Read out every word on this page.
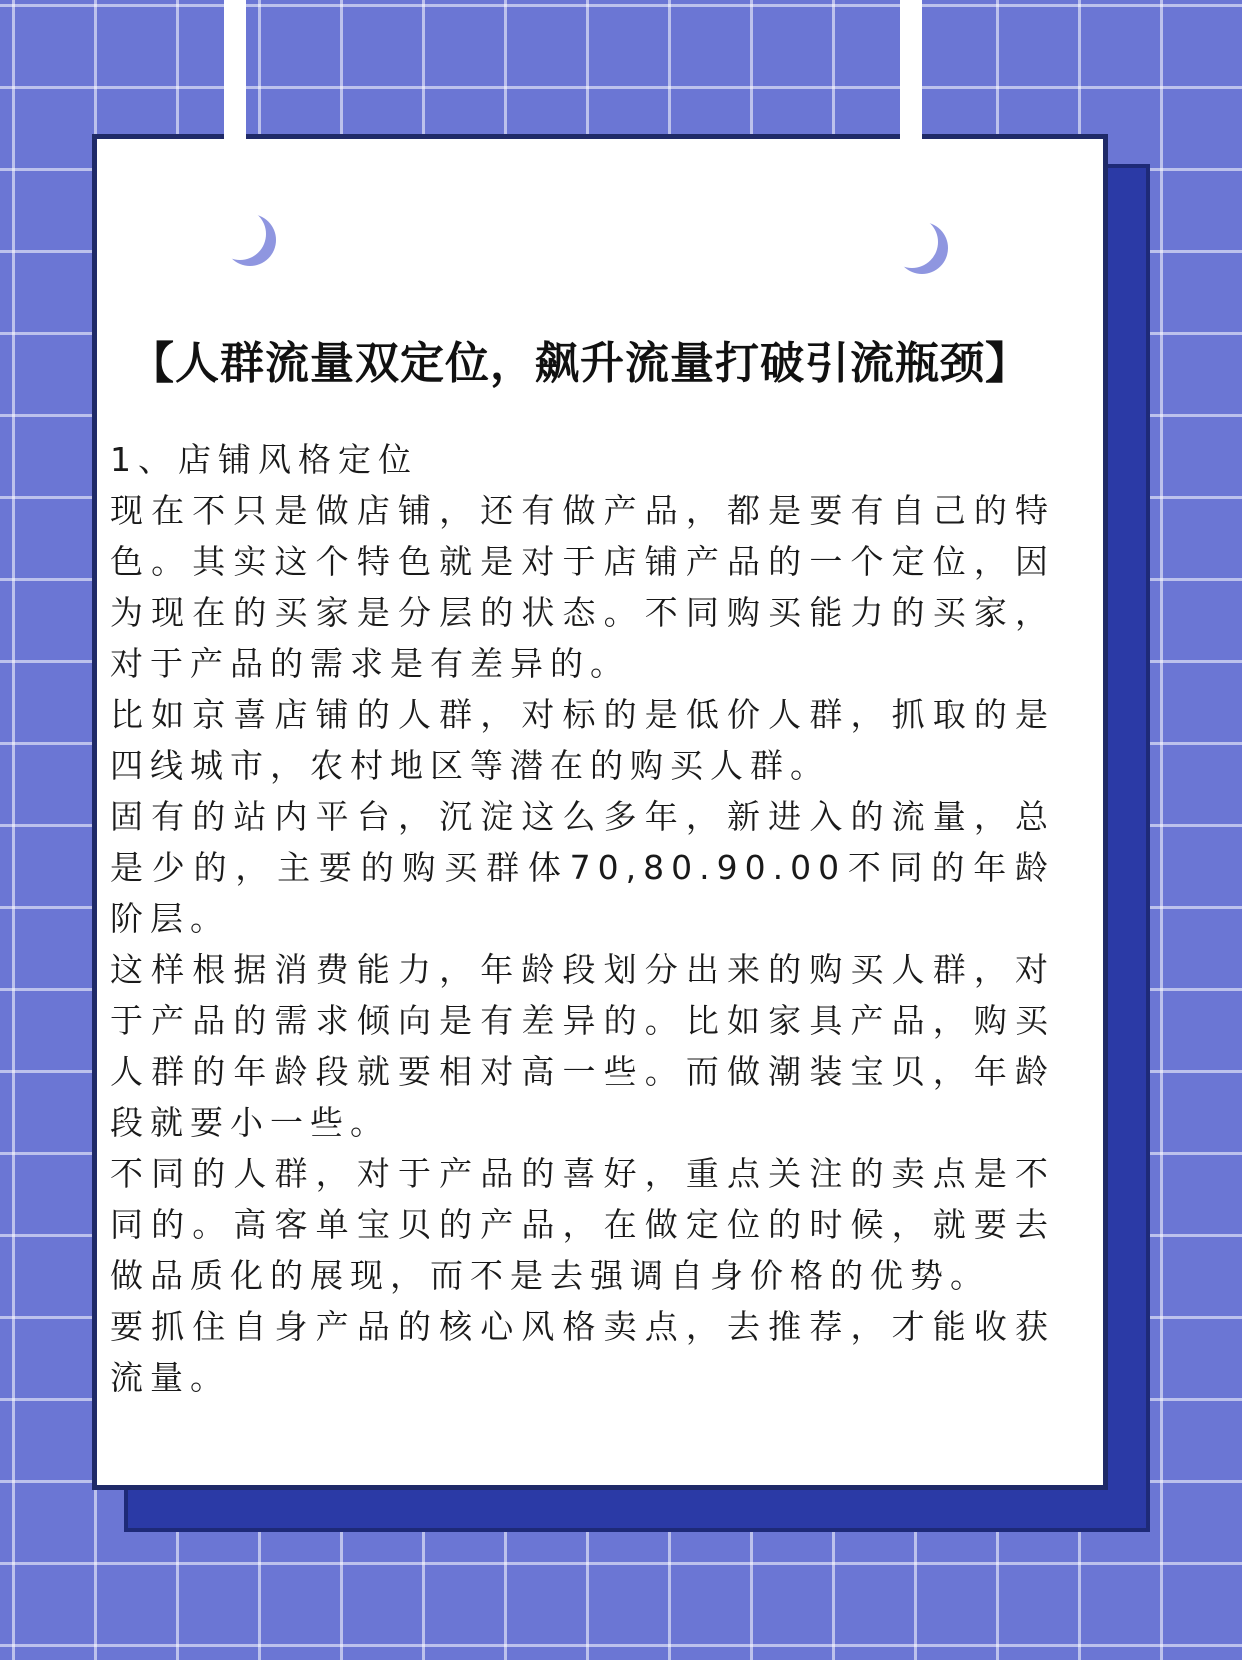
【人群流量双定位，飙升流量打破引流瓶颈】

1、店铺风格定位

现在不只是做店铺，还有做产品，都是要有自己的特色。其实这个特色就是对于店铺产品的一个定位，因为现在的买家是分层的状态。不同购买能力的买家，对于产品的需求是有差异的。

比如京喜店铺的人群，对标的是低价人群，抓取的是四线城市，农村地区等潜在的购买人群。

固有的站内平台，沉淀这么多年，新进入的流量，总是少的，主要的购买群体70,80.90.00不同的年龄阶层。

这样根据消费能力，年龄段划分出来的购买人群，对于产品的需求倾向是有差异的。比如家具产品，购买人群的年龄段就要相对高一些。而做潮装宝贝，年龄段就要小一些。

不同的人群，对于产品的喜好，重点关注的卖点是不同的。高客单宝贝的产品，在做定位的时候，就要去做品质化的展现，而不是去强调自身价格的优势。

要抓住自身产品的核心风格卖点，去推荐，才能收获流量。
